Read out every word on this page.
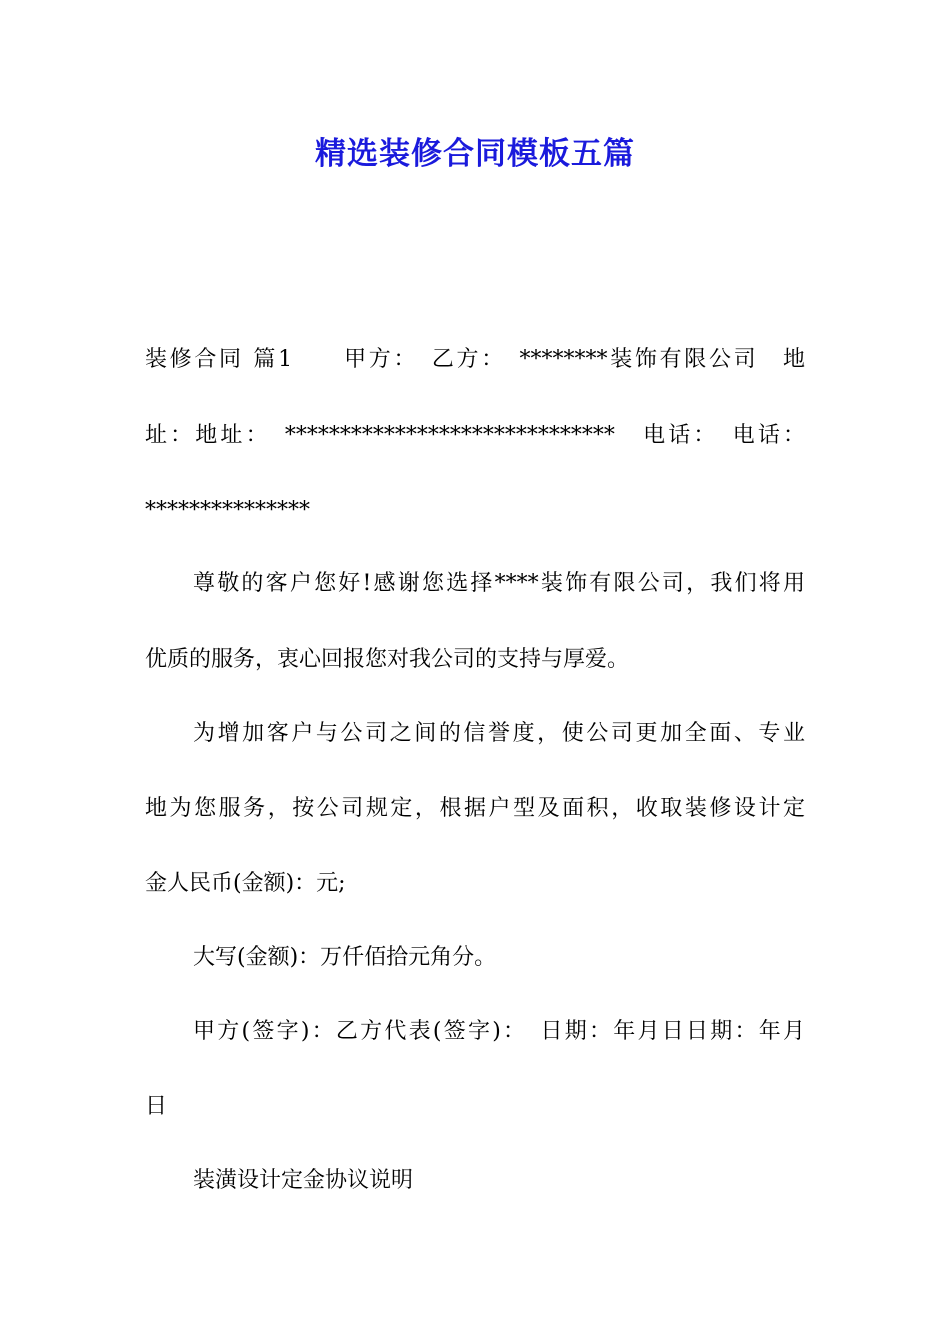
精选装修合同模板五篇
装修合同 篇1　　甲方：　乙方：　********装饰有限公司　地
址：地址：　******************************　电话：　电话：
***************
尊敬的客户您好!感谢您选择****装饰有限公司，我们将用
优质的服务，衷心回报您对我公司的支持与厚爱。
为增加客户与公司之间的信誉度，使公司更加全面、专业
地为您服务，按公司规定，根据户型及面积，收取装修设计定
金人民币(金额)：元;
大写(金额)：万仟佰拾元角分。
甲方(签字)：乙方代表(签字)：　日期：年月日日期：年月
日
装潢设计定金协议说明
